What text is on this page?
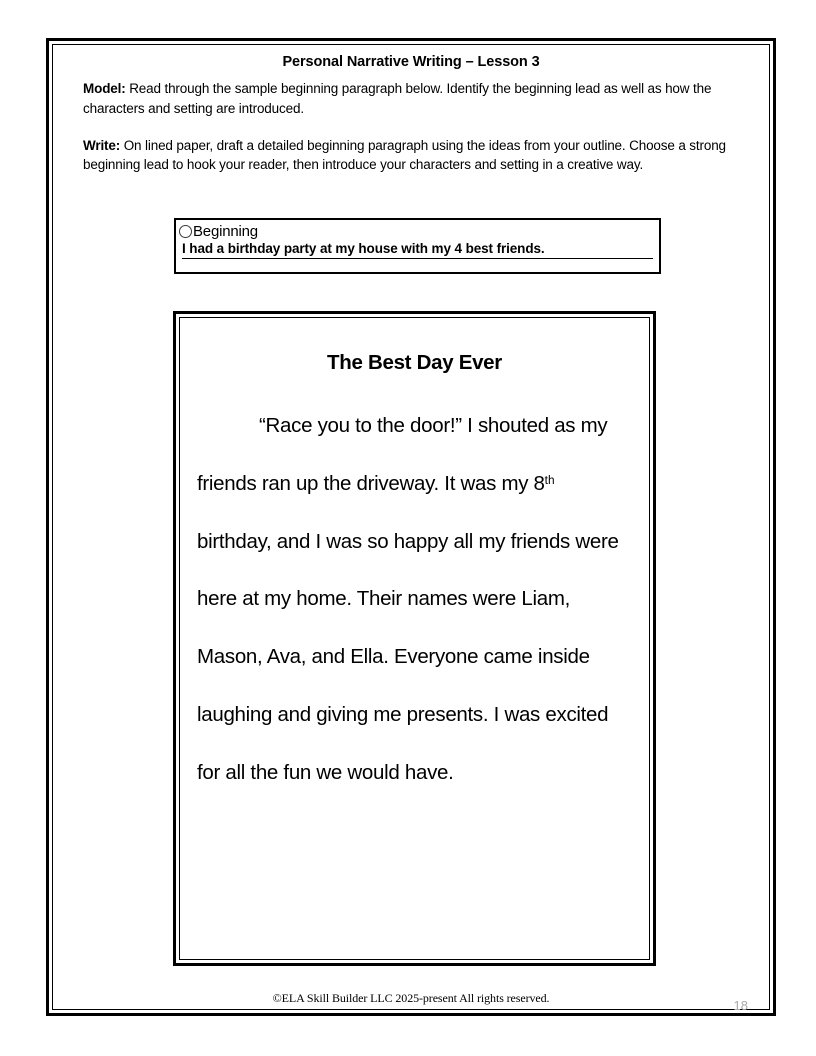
Personal Narrative Writing – Lesson 3
Model: Read through the sample beginning paragraph below. Identify the beginning lead as well as how the characters and setting are introduced.
Write: On lined paper, draft a detailed beginning paragraph using the ideas from your outline. Choose a strong beginning lead to hook your reader, then introduce your characters and setting in a creative way.
Beginning
I had a birthday party at my house with my 4 best friends.
The Best Day Ever
“Race you to the door!” I shouted as my friends ran up the driveway. It was my 8th birthday, and I was so happy all my friends were here at my home. Their names were Liam, Mason, Ava, and Ella. Everyone came inside laughing and giving me presents. I was excited for all the fun we would have.
©ELA Skill Builder LLC 2025-present All rights reserved.	18
